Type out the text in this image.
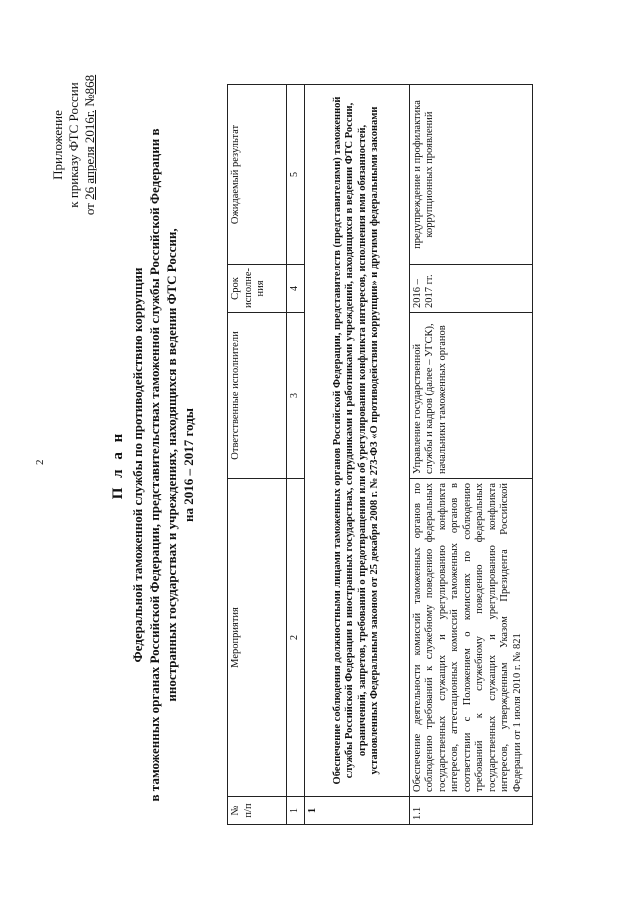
2
Приложение к приказу ФТС России
от 26 апреля 2016г. №868
П л а н Федеральной таможенной службы по противодействию коррупции в таможенных органах Российской Федерации, представительствах таможенной службы Российской Федерации в иностранных государствах и учреждениях, находящихся в ведении ФТС России, на 2016 – 2017 годы
№ п/п	Мероприятия	Ответственные исполнители	Срок исполне-ния	Ожидаемый результат
1	2	3	4	5
1	Обеспечение соблюдения должностными лицами таможенных органов Российской Федерации, представителств (представителями) таможенной службы Российской Федерации в иностранных государствах, сотрудниками и работниками учреждений, находящихся в ведении ФТС России, ограничений, запретов, требований о предотвращении или об урегулировании конфликта интересов, исполнения ими обязанностей, установленных Федеральным законом от 25 декабря 2008 г. № 273-ФЗ «О противодействии коррупции» и другими федеральными законами			
1.1	Обеспечение деятельности комиссий таможенных органов по соблюдению требований к служебному поведению федеральных государственных служащих и урегулированию конфликта интересов, аттестационных комиссий таможенных органов в соответствии с Положением о комиссиях по соблюдению требований к служебному поведению федеральных государственных служащих и урегулированию конфликта интересов, утвержденным Указом Президента Российской Федерации от 1 июля 2010 г. № 821	Управление государственной службы и кадров (далее – УГСК), начальники таможенных органов	2016 – 2017 гг.	предупреждение и профилактика коррупционных проявлений
